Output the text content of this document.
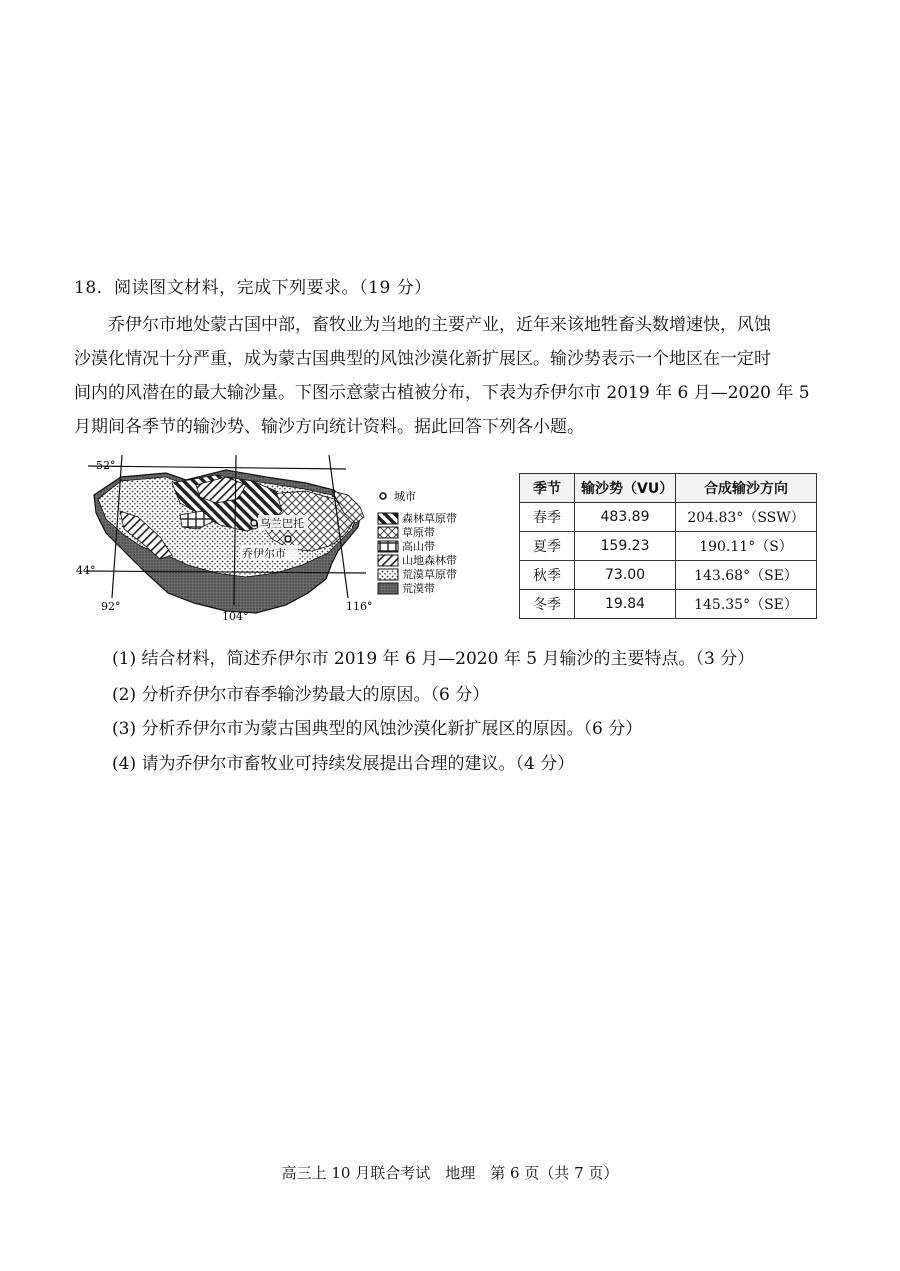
18．阅读图文材料，完成下列要求。（19 分）

乔伊尔市地处蒙古国中部，畜牧业为当地的主要产业，近年来该地牲畜头数增速快，风蚀

沙漠化情况十分严重，成为蒙古国典型的风蚀沙漠化新扩展区。输沙势表示一个地区在一定时

间内的风潜在的最大输沙量。下图示意蒙古植被分布，下表为乔伊尔市 2019 年 6 月—2020 年 5

月期间各季节的输沙势、输沙方向统计资料。据此回答下列各小题。

乌兰巴托
乔伊尔市
52°
44°
92°
104°
116°
城市
森林草原带
草原带
高山带
山地森林带
荒漠草原带
荒漠带
季节	输沙势（VU）	合成输沙方向
春季	483.89	204.83°（SSW）
夏季	159.23	190.11°（S）
秋季	73.00	143.68°（SE）
冬季	19.84	145.35°（SE）
(1) 结合材料，简述乔伊尔市 2019 年 6 月—2020 年 5 月输沙的主要特点。（3 分）
(2) 分析乔伊尔市春季输沙势最大的原因。（6 分）
(3) 分析乔伊尔市为蒙古国典型的风蚀沙漠化新扩展区的原因。（6 分）
(4) 请为乔伊尔市畜牧业可持续发展提出合理的建议。（4 分）
高三上 10 月联合考试　地理　第 6 页（共 7 页）
